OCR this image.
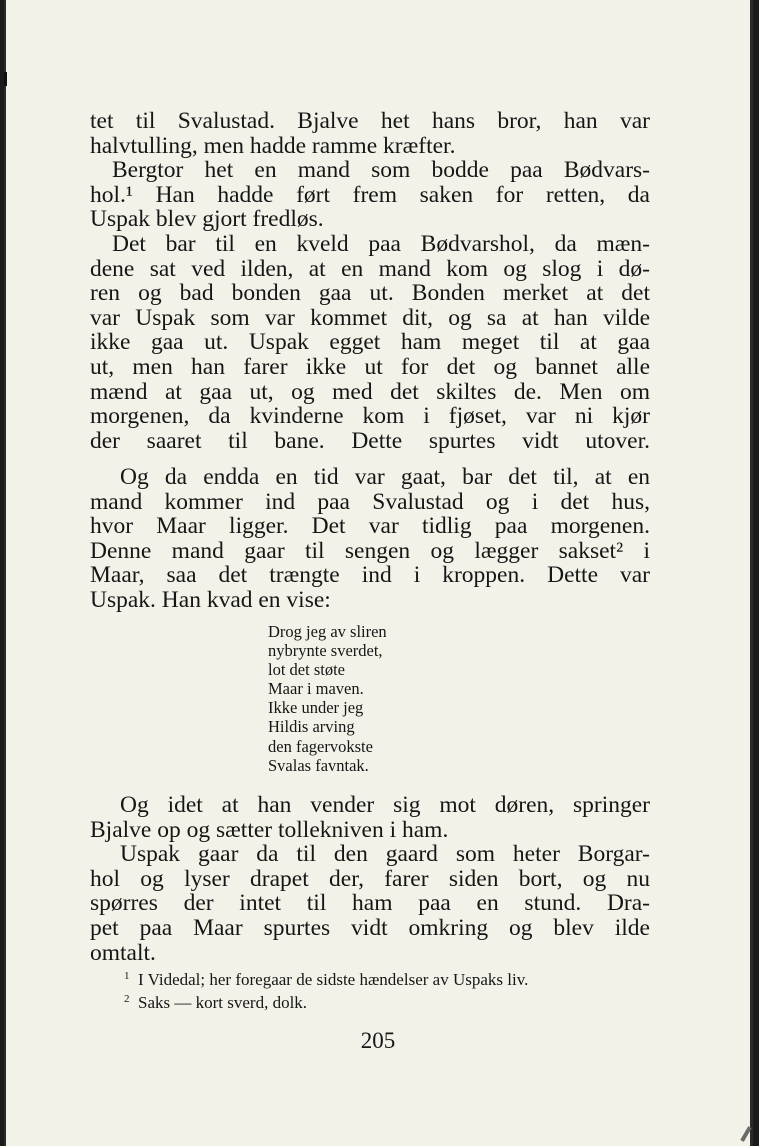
tet til Svalustad. Bjalve het hans bror, han var
halvtulling, men hadde ramme kræfter.
Bergtor het en mand som bodde paa Bødvars-
hol.¹ Han hadde ført frem saken for retten, da
Uspak blev gjort fredløs.
Det bar til en kveld paa Bødvarshol, da mæn-
dene sat ved ilden, at en mand kom og slog i dø-
ren og bad bonden gaa ut. Bonden merket at det
var Uspak som var kommet dit, og sa at han vilde
ikke gaa ut. Uspak egget ham meget til at gaa
ut, men han farer ikke ut for det og bannet alle
mænd at gaa ut, og med det skiltes de. Men om
morgenen, da kvinderne kom i fjøset, var ni kjør
der saaret til bane. Dette spurtes vidt utover.
Og da endda en tid var gaat, bar det til, at en
mand kommer ind paa Svalustad og i det hus,
hvor Maar ligger. Det var tidlig paa morgenen.
Denne mand gaar til sengen og lægger sakset² i
Maar, saa det trængte ind i kroppen. Dette var
Uspak. Han kvad en vise:
Drog jeg av sliren
nybrynte sverdet,
lot det støte
Maar i maven.
Ikke under jeg
Hildis arving
den fagervokste
Svalas favntak.
Og idet at han vender sig mot døren, springer
Bjalve op og sætter tollekniven i ham.
Uspak gaar da til den gaard som heter Borgar-
hol og lyser drapet der, farer siden bort, og nu
spørres der intet til ham paa en stund. Dra-
pet paa Maar spurtes vidt omkring og blev ilde
omtalt.
1 I Videdal; her foregaar de sidste hændelser av Uspaks liv.
2 Saks — kort sverd, dolk.
205
